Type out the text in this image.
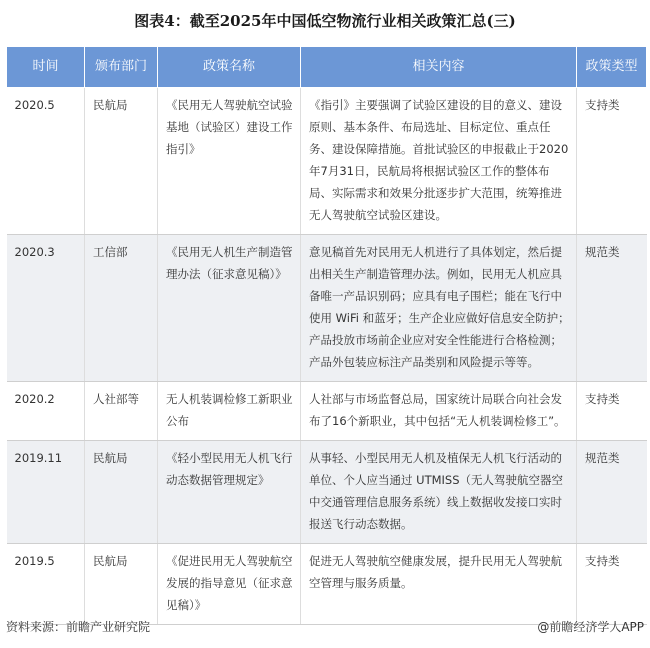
图表4：截至2025年中国低空物流行业相关政策汇总(三)
时间	颁布部门	政策名称	相关内容	政策类型
2020.5	民航局	《民用无人驾驶航空试验基地（试验区）建设工作指引》	《指引》主要强调了试验区建设的目的意义、建设原则、基本条件、布局选址、目标定位、重点任务、建设保障措施。首批试验区的申报截止于2020年7月31日，民航局将根据试验区工作的整体布局、实际需求和效果分批逐步扩大范围，统筹推进无人驾驶航空试验区建设。	支持类
2020.3	工信部	《民用无人机生产制造管理办法（征求意见稿）》	意见稿首先对民用无人机进行了具体划定，然后提出相关生产制造管理办法。例如，民用无人机应具备唯一产品识别码；应具有电子围栏；能在飞行中使用 WiFi 和蓝牙；生产企业应做好信息安全防护；产品投放市场前企业应对安全性能进行合格检测；产品外包装应标注产品类别和风险提示等等。	规范类
2020.2	人社部等	无人机装调检修工新职业公布	人社部与市场监督总局，国家统计局联合向社会发布了16个新职业，其中包括“无人机装调检修工”。	支持类
2019.11	民航局	《轻小型民用无人机飞行动态数据管理规定》	从事轻、小型民用无人机及植保无人机飞行活动的单位、个人应当通过 UTMISS（无人驾驶航空器空中交通管理信息服务系统）线上数据收发接口实时报送飞行动态数据。	规范类
2019.5	民航局	《促进民用无人驾驶航空发展的指导意见（征求意见稿）》	促进无人驾驶航空健康发展，提升民用无人驾驶航空管理与服务质量。	支持类
资料来源：前瞻产业研究院	@前瞻经济学人APP
